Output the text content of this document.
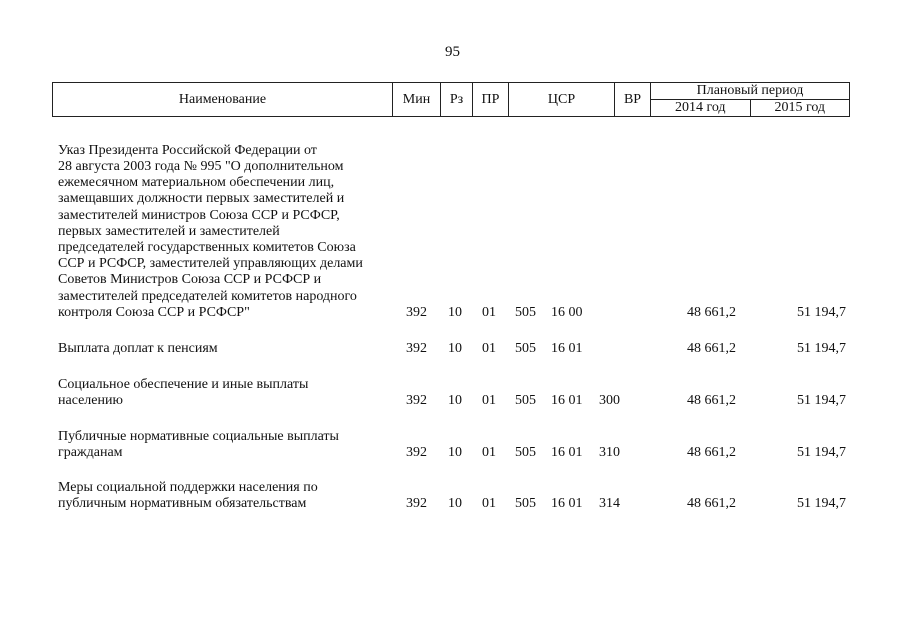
95
Наименование	Мин Рз ПР	ЦСР	ВР
Плановый период
2014 год	2015 год
Указ Президента Российской Федерации от
28 августа 2003 года № 995 "О дополнительном
ежемесячном материальном обеспечении лиц,
замещавших должности первых заместителей и
заместителей министров Союза ССР и РСФСР,
первых заместителей и заместителей
председателей государственных комитетов Союза
ССР и РСФСР, заместителей управляющих делами
Советов Министров Союза ССР и РСФСР и
заместителей председателей комитетов народного
контроля Союза ССР и РСФСР"	392 10 01 505 16 00	48 661,2	51 194,7
Выплата доплат к пенсиям	392 10 01 505 16 01	48 661,2	51 194,7
Социальное обеспечение и иные выплаты
населению	392 10 01 505 16 01 300	48 661,2	51 194,7
Публичные нормативные социальные выплаты
гражданам	392 10 01 505 16 01 310	48 661,2	51 194,7
Меры социальной поддержки населения по
публичным нормативным обязательствам	392 10 01 505 16 01 314	48 661,2	51 194,7
